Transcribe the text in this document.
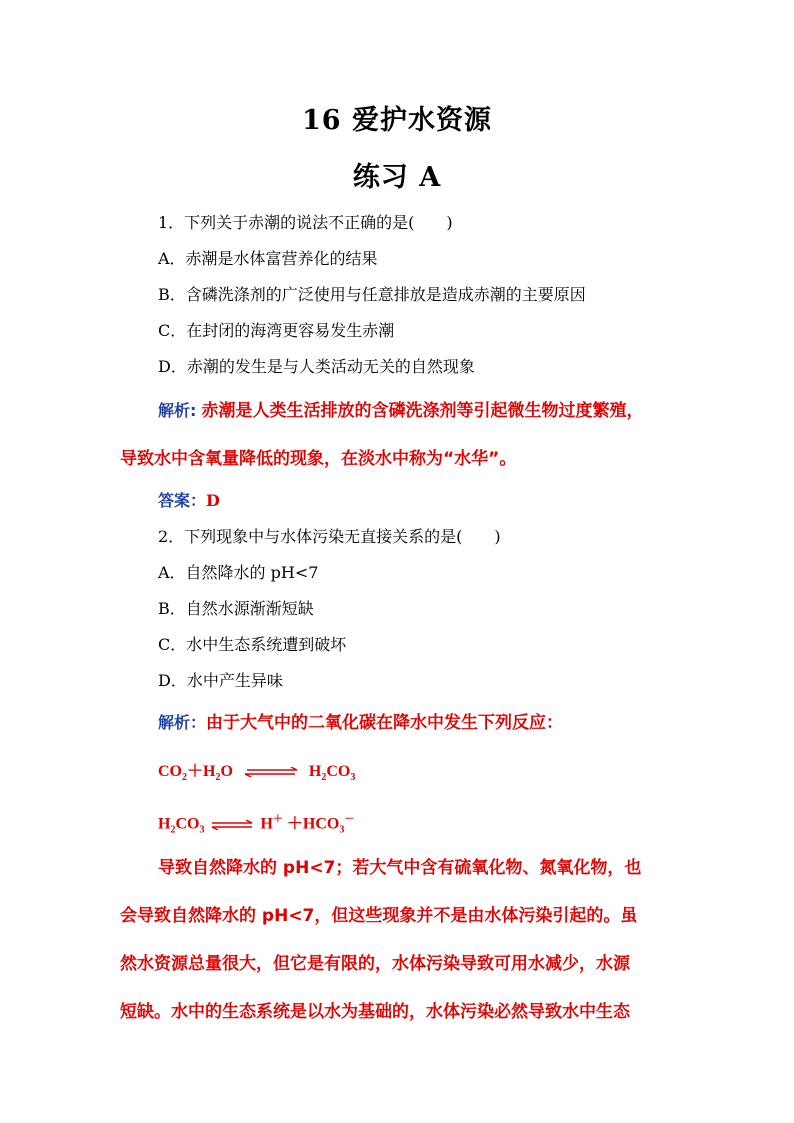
16 爱护水资源
练习 A
1．下列关于赤潮的说法不正确的是(　　)
A．赤潮是水体富营养化的结果
B．含磷洗涤剂的广泛使用与任意排放是造成赤潮的主要原因
C．在封闭的海湾更容易发生赤潮
D．赤潮的发生是与人类活动无关的自然现象
解析: 赤潮是人类生活排放的含磷洗涤剂等引起微生物过度繁殖，
导致水中含氧量降低的现象，在淡水中称为“水华”。
答案：D
2．下列现象中与水体污染无直接关系的是(　　)
A．自然降水的 pH<7
B．自然水源渐渐短缺
C．水中生态系统遭到破坏
D．水中产生异味
解析：由于大气中的二氧化碳在降水中发生下列反应：
$CO_2+H_2O$ ⇌ $H_2CO_3$
$H_2CO_3$ ⇌ $H^+ +HCO_3^-$
导致自然降水的 pH<7；若大气中含有硫氧化物、氮氧化物，也
会导致自然降水的 pH<7，但这些现象并不是由水体污染引起的。虽
然水资源总量很大，但它是有限的，水体污染导致可用水减少，水源
短缺。水中的生态系统是以水为基础的，水体污染必然导致水中生态
